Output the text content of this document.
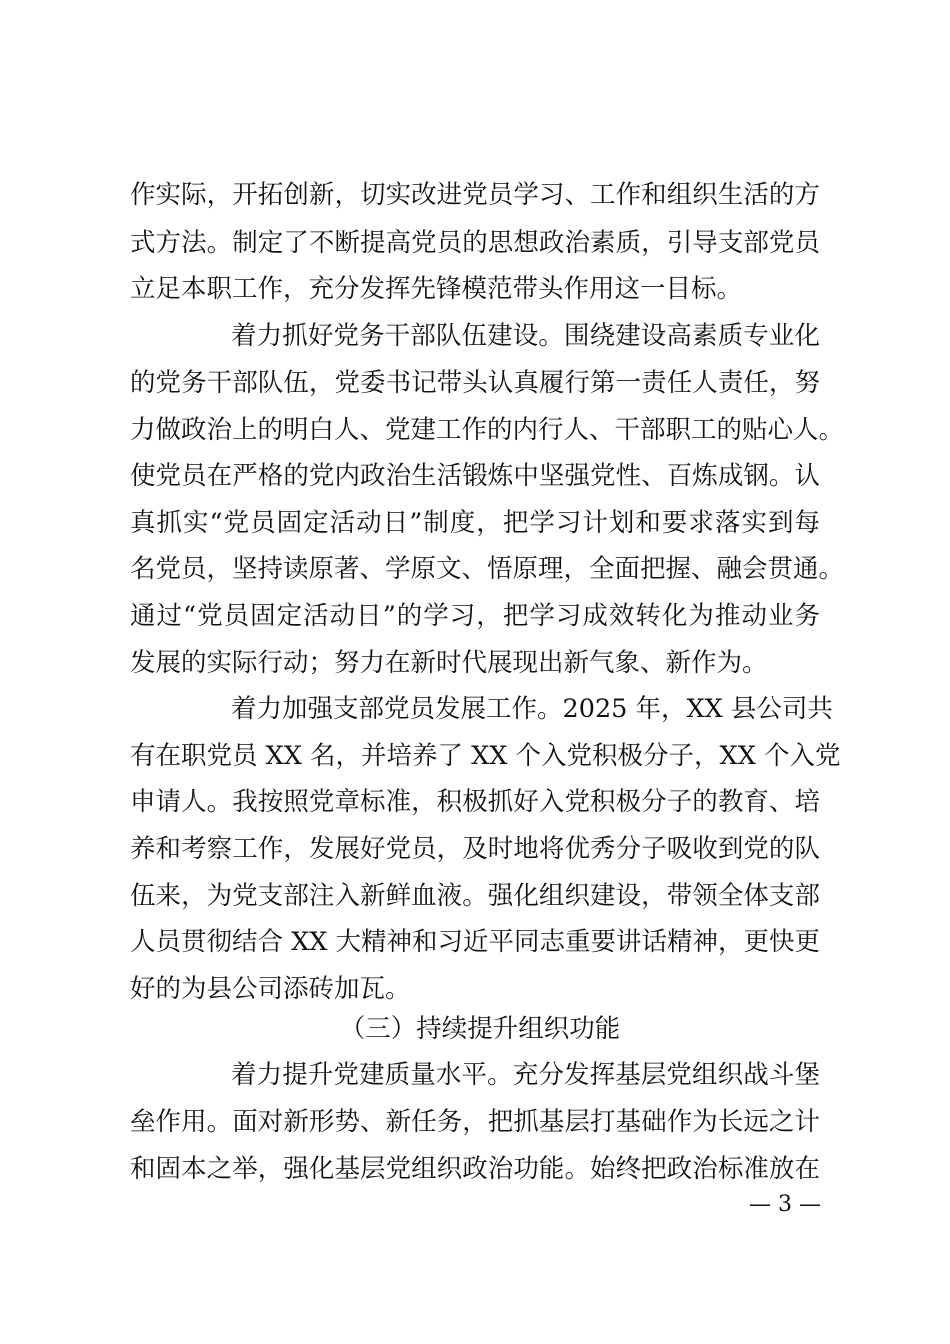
作实际，开拓创新，切实改进党员学习、工作和组织生活的方
式方法。制定了不断提高党员的思想政治素质，引导支部党员
立足本职工作，充分发挥先锋模范带头作用这一目标。
着力抓好党务干部队伍建设。围绕建设高素质专业化
的党务干部队伍，党委书记带头认真履行第一责任人责任，努
力做政治上的明白人、党建工作的内行人、干部职工的贴心人。
使党员在严格的党内政治生活锻炼中坚强党性、百炼成钢。认
真抓实“党员固定活动日”制度，把学习计划和要求落实到每
名党员，坚持读原著、学原文、悟原理，全面把握、融会贯通。
通过“党员固定活动日”的学习，把学习成效转化为推动业务
发展的实际行动；努力在新时代展现出新气象、新作为。
着力加强支部党员发展工作。2025 年，XX 县公司共
有在职党员 XX 名，并培养了 XX 个入党积极分子，XX 个入党
申请人。我按照党章标准，积极抓好入党积极分子的教育、培
养和考察工作，发展好党员，及时地将优秀分子吸收到党的队
伍来，为党支部注入新鲜血液。强化组织建设，带领全体支部
人员贯彻结合 XX 大精神和习近平同志重要讲话精神，更快更
好的为县公司添砖加瓦。
（三）持续提升组织功能
着力提升党建质量水平。充分发挥基层党组织战斗堡
垒作用。面对新形势、新任务，把抓基层打基础作为长远之计
和固本之举，强化基层党组织政治功能。始终把政治标准放在
— 3 —
